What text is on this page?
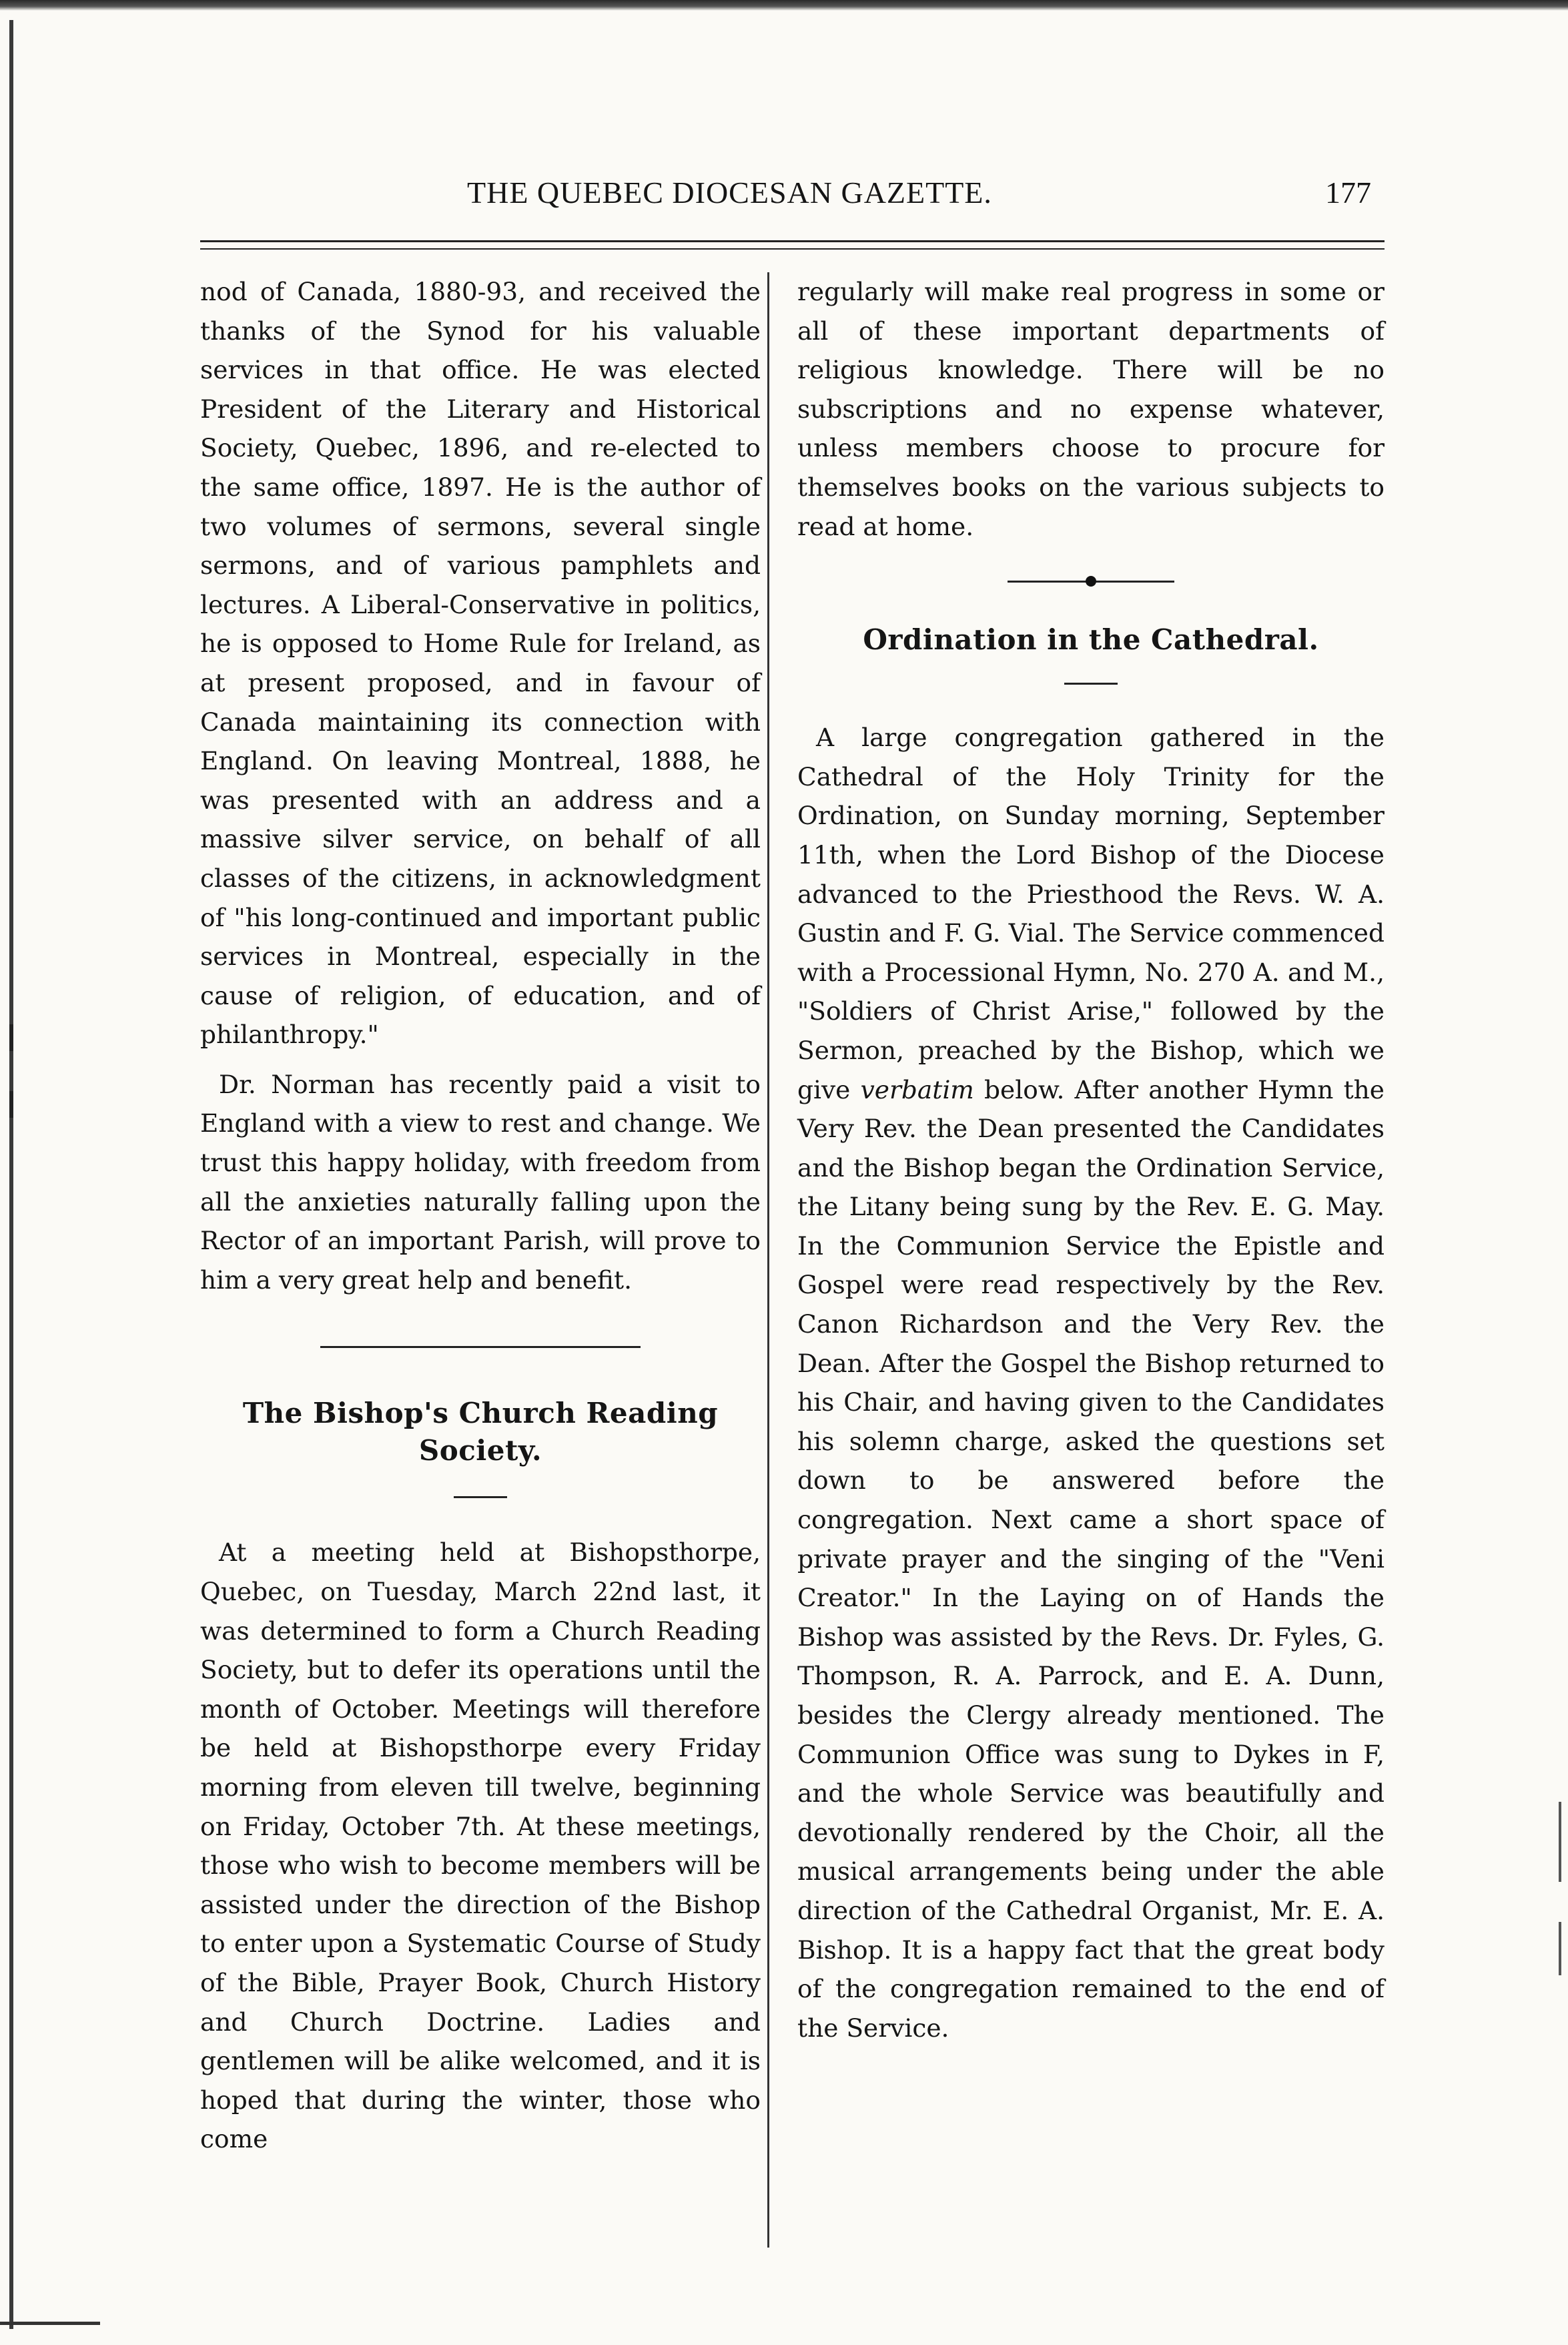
THE QUEBEC DIOCESAN GAZETTE.	177

nod of Canada, 1880-93, and received the thanks of the Synod for his valuable services in that office. He was elected President of the Literary and Historical Society, Quebec, 1896, and re-elected to the same office, 1897. He is the author of two volumes of sermons, several single sermons, and of various pamphlets and lectures. A Liberal-Conservative in politics, he is opposed to Home Rule for Ireland, as at present proposed, and in favour of Canada maintaining its connection with England. On leaving Montreal, 1888, he was presented with an address and a massive silver service, on behalf of all classes of the citizens, in acknowledgment of "his long-continued and important public services in Montreal, especially in the cause of religion, of education, and of philanthropy."

Dr. Norman has recently paid a visit to England with a view to rest and change. We trust this happy holiday, with freedom from all the anxieties naturally falling upon the Rector of an important Parish, will prove to him a very great help and benefit.

The Bishop's Church Reading Society.

At a meeting held at Bishopsthorpe, Quebec, on Tuesday, March 22nd last, it was determined to form a Church Reading Society, but to defer its operations until the month of October. Meetings will therefore be held at Bishopsthorpe every Friday morning from eleven till twelve, beginning on Friday, October 7th. At these meetings, those who wish to become members will be assisted under the direction of the Bishop to enter upon a Systematic Course of Study of the Bible, Prayer Book, Church History and Church Doctrine. Ladies and gentlemen will be alike welcomed, and it is hoped that during the winter, those who come

regularly will make real progress in some or all of these important departments of religious knowledge. There will be no subscriptions and no expense whatever, unless members choose to procure for themselves books on the various subjects to read at home.

Ordination in the Cathedral.

A large congregation gathered in the Cathedral of the Holy Trinity for the Ordination, on Sunday morning, September 11th, when the Lord Bishop of the Diocese advanced to the Priesthood the Revs. W. A. Gustin and F. G. Vial. The Service commenced with a Processional Hymn, No. 270 A. and M., "Soldiers of Christ Arise," followed by the Sermon, preached by the Bishop, which we give verbatim below. After another Hymn the Very Rev. the Dean presented the Candidates and the Bishop began the Ordination Service, the Litany being sung by the Rev. E. G. May. In the Communion Service the Epistle and Gospel were read respectively by the Rev. Canon Richardson and the Very Rev. the Dean. After the Gospel the Bishop returned to his Chair, and having given to the Candidates his solemn charge, asked the questions set down to be answered before the congregation. Next came a short space of private prayer and the singing of the "Veni Creator." In the Laying on of Hands the Bishop was assisted by the Revs. Dr. Fyles, G. Thompson, R. A. Parrock, and E. A. Dunn, besides the Clergy already mentioned. The Communion Office was sung to Dykes in F, and the whole Service was beautifully and devotionally rendered by the Choir, all the musical arrangements being under the able direction of the Cathedral Organist, Mr. E. A. Bishop. It is a happy fact that the great body of the congregation remained to the end of the Service.
